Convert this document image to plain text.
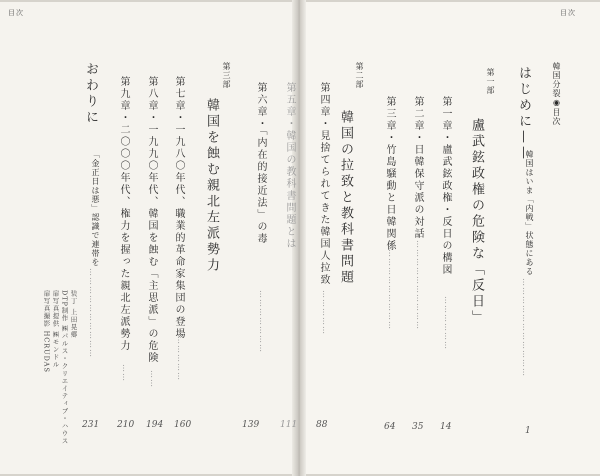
目次	目次
韓国分裂◉目次
はじめに——
韓国はいま「内戦」状態にある
……………………………
1
第一部
盧武鉉政権の危険な「反日」
第一章・盧武鉉政権・反日の構図
………………
14
第二章・日韓保守派の対話
…………………………
35
第三章・竹島騒動と日韓関係
…………………………
64
第二部
韓国の拉致と教科書問題
第四章・見捨てられてきた韓国人拉致
……………
88
第五章・韓国の教科書問題とは
111
第六章・「内在的接近法」の毒
…………………
139
第三部
韓国を蝕む親北左派勢力
第七章・一九八〇年代、職業的革命家集団の登場
……………
160
第八章・一九九〇年代、韓国を蝕む「主思派」の危険
……
194
第九章・二〇〇〇年代、権力を握った親北左派勢力
……
210
おわりに
「金正日は悪」認識で連帯を
…………………………
231
装丁 上田晃郷
DTP制作 ㈱パルス・クリエイティブ・ハウス
扉写真提供 ㈱モンドル
扉写真撮影 HCRUDAS
